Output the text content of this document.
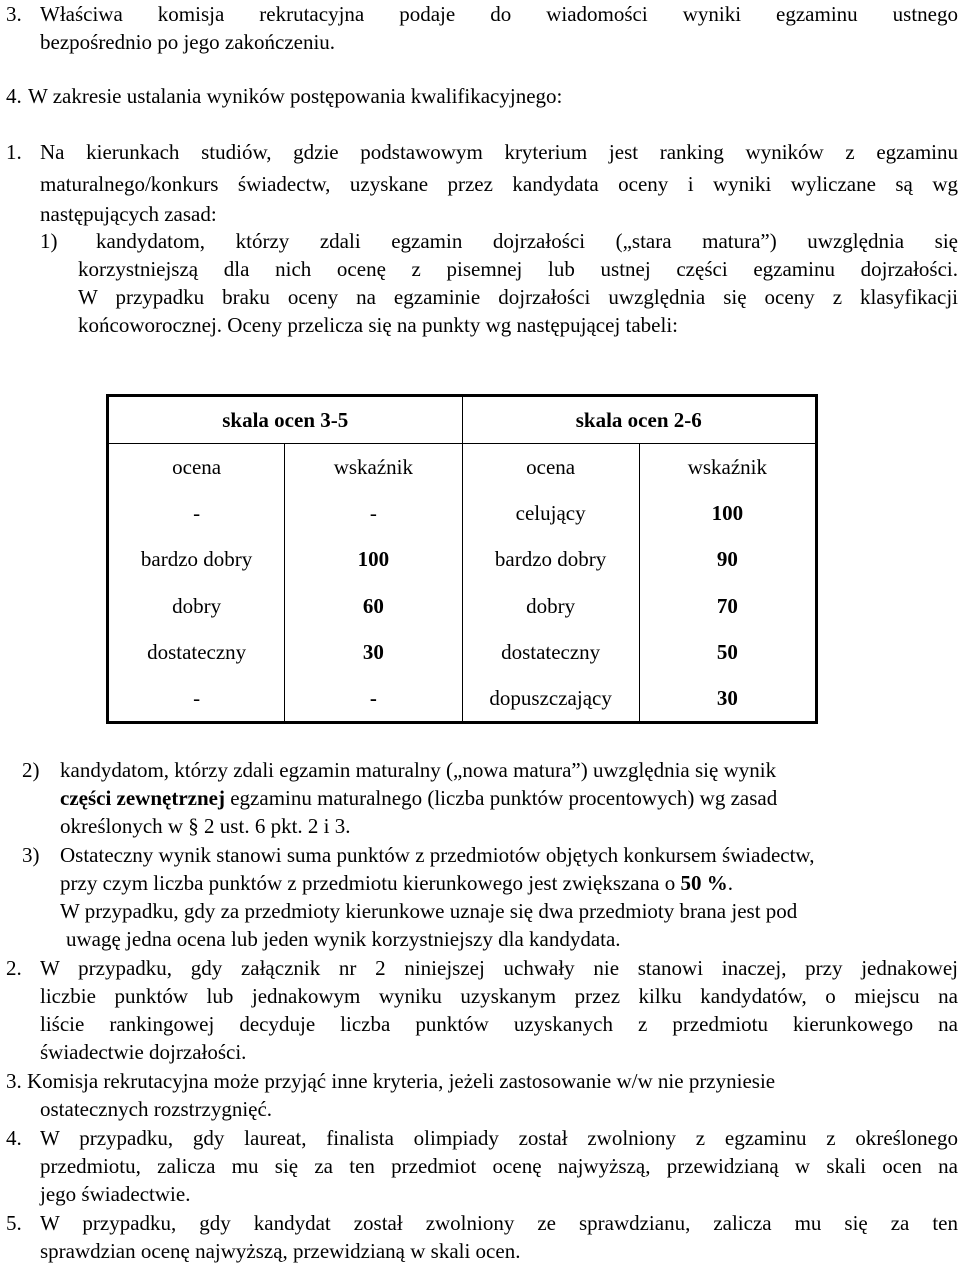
3. Właściwa komisja rekrutacyjna podaje do wiadomości wyniki egzaminu ustnego
bezpośrednio po jego zakończeniu.
4. W zakresie ustalania wyników postępowania kwalifikacyjnego:
1. Na kierunkach studiów, gdzie podstawowym kryterium jest ranking wyników z egzaminu
maturalnego/konkurs świadectw, uzyskane przez kandydata oceny i wyniki wyliczane są wg
następujących zasad:
1) kandydatom, którzy zdali egzamin dojrzałości („stara matura”) uwzględnia się
korzystniejszą dla nich ocenę z pisemnej lub ustnej części egzaminu dojrzałości.
W przypadku braku oceny na egzaminie dojrzałości uwzględnia się oceny z klasyfikacji
końcoworocznej. Oceny przelicza się na punkty wg następującej tabeli:
skala ocen 3-5		skala ocen 2-6	
ocena	wskaźnik	ocena	wskaźnik
-	-	celujący	100
bardzo dobry	100	bardzo dobry	90
dobry	60	dobry	70
dostateczny	30	dostateczny	50
-	-	dopuszczający	30
2) kandydatom, którzy zdali egzamin maturalny („nowa matura”) uwzględnia się wynik
części zewnętrznej egzaminu maturalnego (liczba punktów procentowych) wg zasad
określonych w § 2 ust. 6 pkt. 2 i 3.
3) Ostateczny wynik stanowi suma punktów z przedmiotów objętych konkursem świadectw,
przy czym liczba punktów z przedmiotu kierunkowego jest zwiększana o 50 %.
W przypadku, gdy za przedmioty kierunkowe uznaje się dwa przedmioty brana jest pod
uwagę jedna ocena lub jeden wynik korzystniejszy dla kandydata.
2. W przypadku, gdy załącznik nr 2 niniejszej uchwały nie stanowi inaczej, przy jednakowej
liczbie punktów lub jednakowym wyniku uzyskanym przez kilku kandydatów, o miejscu na
liście rankingowej decyduje liczba punktów uzyskanych z przedmiotu kierunkowego na
świadectwie dojrzałości.
3. Komisja rekrutacyjna może przyjąć inne kryteria, jeżeli zastosowanie w/w nie przyniesie
ostatecznych rozstrzygnięć.
4. W przypadku, gdy laureat, finalista olimpiady został zwolniony z egzaminu z określonego
przedmiotu, zalicza mu się za ten przedmiot ocenę najwyższą, przewidzianą w skali ocen na
jego świadectwie.
5. W przypadku, gdy kandydat został zwolniony ze sprawdzianu, zalicza mu się za ten
sprawdzian ocenę najwyższą, przewidzianą w skali ocen.
